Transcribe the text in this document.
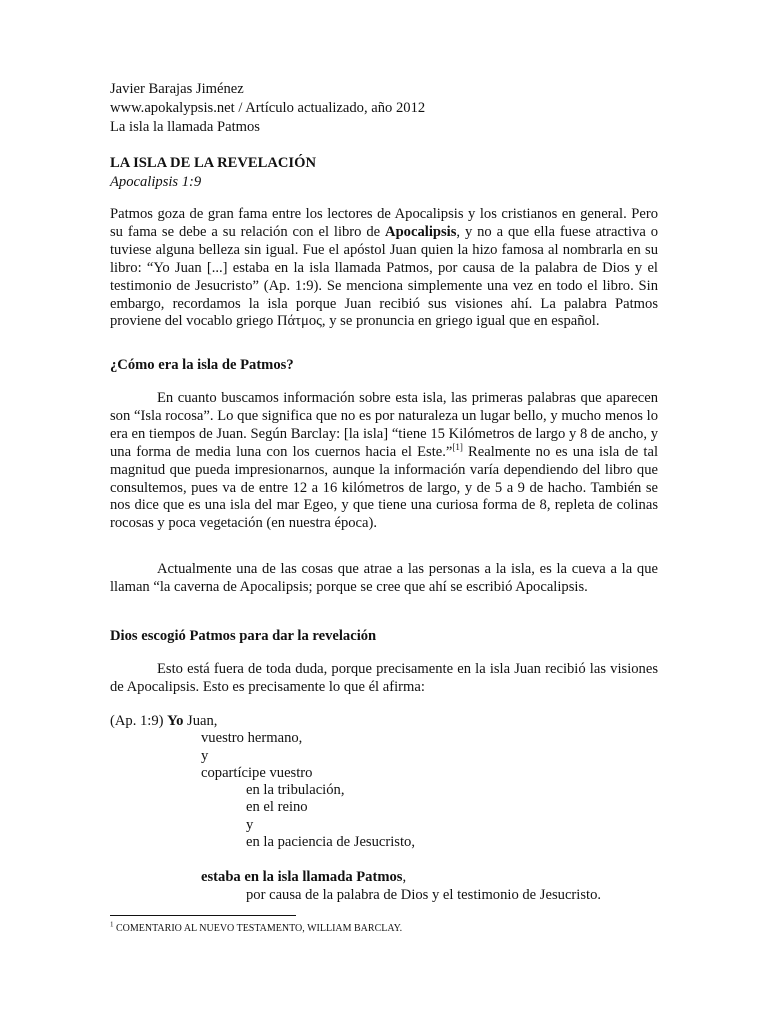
Javier Barajas Jiménez
www.apokalypsis.net / Artículo actualizado, año 2012
La isla la llamada Patmos
LA ISLA DE LA REVELACIÓN
Apocalipsis 1:9
Patmos goza de gran fama entre los lectores de Apocalipsis y los cristianos en general. Pero su fama se debe a su relación con el libro de Apocalipsis, y no a que ella fuese atractiva o tuviese alguna belleza sin igual. Fue el apóstol Juan quien la hizo famosa al nombrarla en su libro: “Yo Juan [...] estaba en la isla llamada Patmos, por causa de la palabra de Dios y el testimonio de Jesucristo” (Ap. 1:9). Se menciona simplemente una vez en todo el libro. Sin embargo, recordamos la isla porque Juan recibió sus visiones ahí. La palabra Patmos proviene del vocablo griego Πάτμος, y se pronuncia en griego igual que en español.
¿Cómo era la isla de Patmos?
En cuanto buscamos información sobre esta isla, las primeras palabras que aparecen son “Isla rocosa”. Lo que significa que no es por naturaleza un lugar bello, y mucho menos lo era en tiempos de Juan. Según Barclay: [la isla] “tiene 15 Kilómetros de largo y 8 de ancho, y una forma de media luna con los cuernos hacia el Este.”[1] Realmente no es una isla de tal magnitud que pueda impresionarnos, aunque la información varía dependiendo del libro que consultemos, pues va de entre 12 a 16 kilómetros de largo, y de 5 a 9 de hacho. También se nos dice que es una isla del mar Egeo, y que tiene una curiosa forma de 8, repleta de colinas rocosas y poca vegetación (en nuestra época).
Actualmente una de las cosas que atrae a las personas a la isla, es la cueva a la que llaman “la caverna de Apocalipsis; porque se cree que ahí se escribió Apocalipsis.
Dios escogió Patmos para dar la revelación
Esto está fuera de toda duda, porque precisamente en la isla Juan recibió las visiones de Apocalipsis. Esto es precisamente lo que él afirma:
(Ap. 1:9) Yo Juan,
vuestro hermano,
y
copartícipe vuestro
en la tribulación,
en el reino
y
en la paciencia de Jesucristo,
estaba en la isla llamada Patmos,
por causa de la palabra de Dios y el testimonio de Jesucristo.
$^1$ COMENTARIO AL NUEVO TESTAMENTO, WILLIAM BARCLAY.
